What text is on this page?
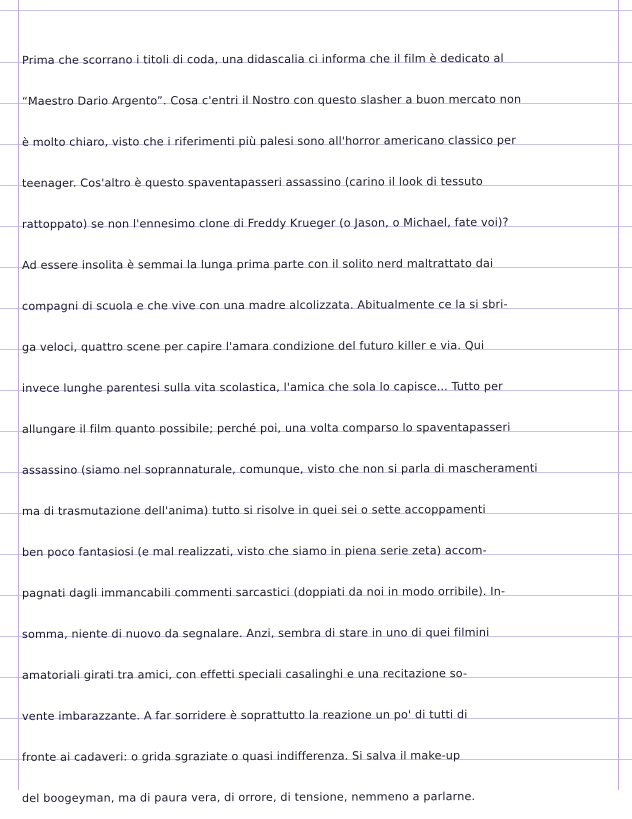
Prima che scorrano i titoli di coda, una didascalia ci informa che il film è dedicato al
“Maestro Dario Argento”. Cosa c'entri il Nostro con questo slasher a buon mercato non
è molto chiaro, visto che i riferimenti più palesi sono all'horror americano classico per
teenager. Cos'altro è questo spaventapasseri assassino (carino il look di tessuto
rattoppato) se non l'ennesimo clone di Freddy Krueger (o Jason, o Michael, fate voi)?
Ad essere insolita è semmai la lunga prima parte con il solito nerd maltrattato dai
compagni di scuola e che vive con una madre alcolizzata. Abitualmente ce la si sbri-
ga veloci, quattro scene per capire l'amara condizione del futuro killer e via. Qui
invece lunghe parentesi sulla vita scolastica, l'amica che sola lo capisce... Tutto per
allungare il film quanto possibile; perché poi, una volta comparso lo spaventapasseri
assassino (siamo nel soprannaturale, comunque, visto che non si parla di mascheramenti
ma di trasmutazione dell'anima) tutto si risolve in quei sei o sette accoppamenti
ben poco fantasiosi (e mal realizzati, visto che siamo in piena serie zeta) accom-
pagnati dagli immancabili commenti sarcastici (doppiati da noi in modo orribile). In-
somma, niente di nuovo da segnalare. Anzi, sembra di stare in uno di quei filmini
amatoriali girati tra amici, con effetti speciali casalinghi e una recitazione so-
vente imbarazzante. A far sorridere è soprattutto la reazione un po' di tutti di
fronte ai cadaveri: o grida sgraziate o quasi indifferenza. Si salva il make-up
del boogeyman, ma di paura vera, di orrore, di tensione, nemmeno a parlarne.
